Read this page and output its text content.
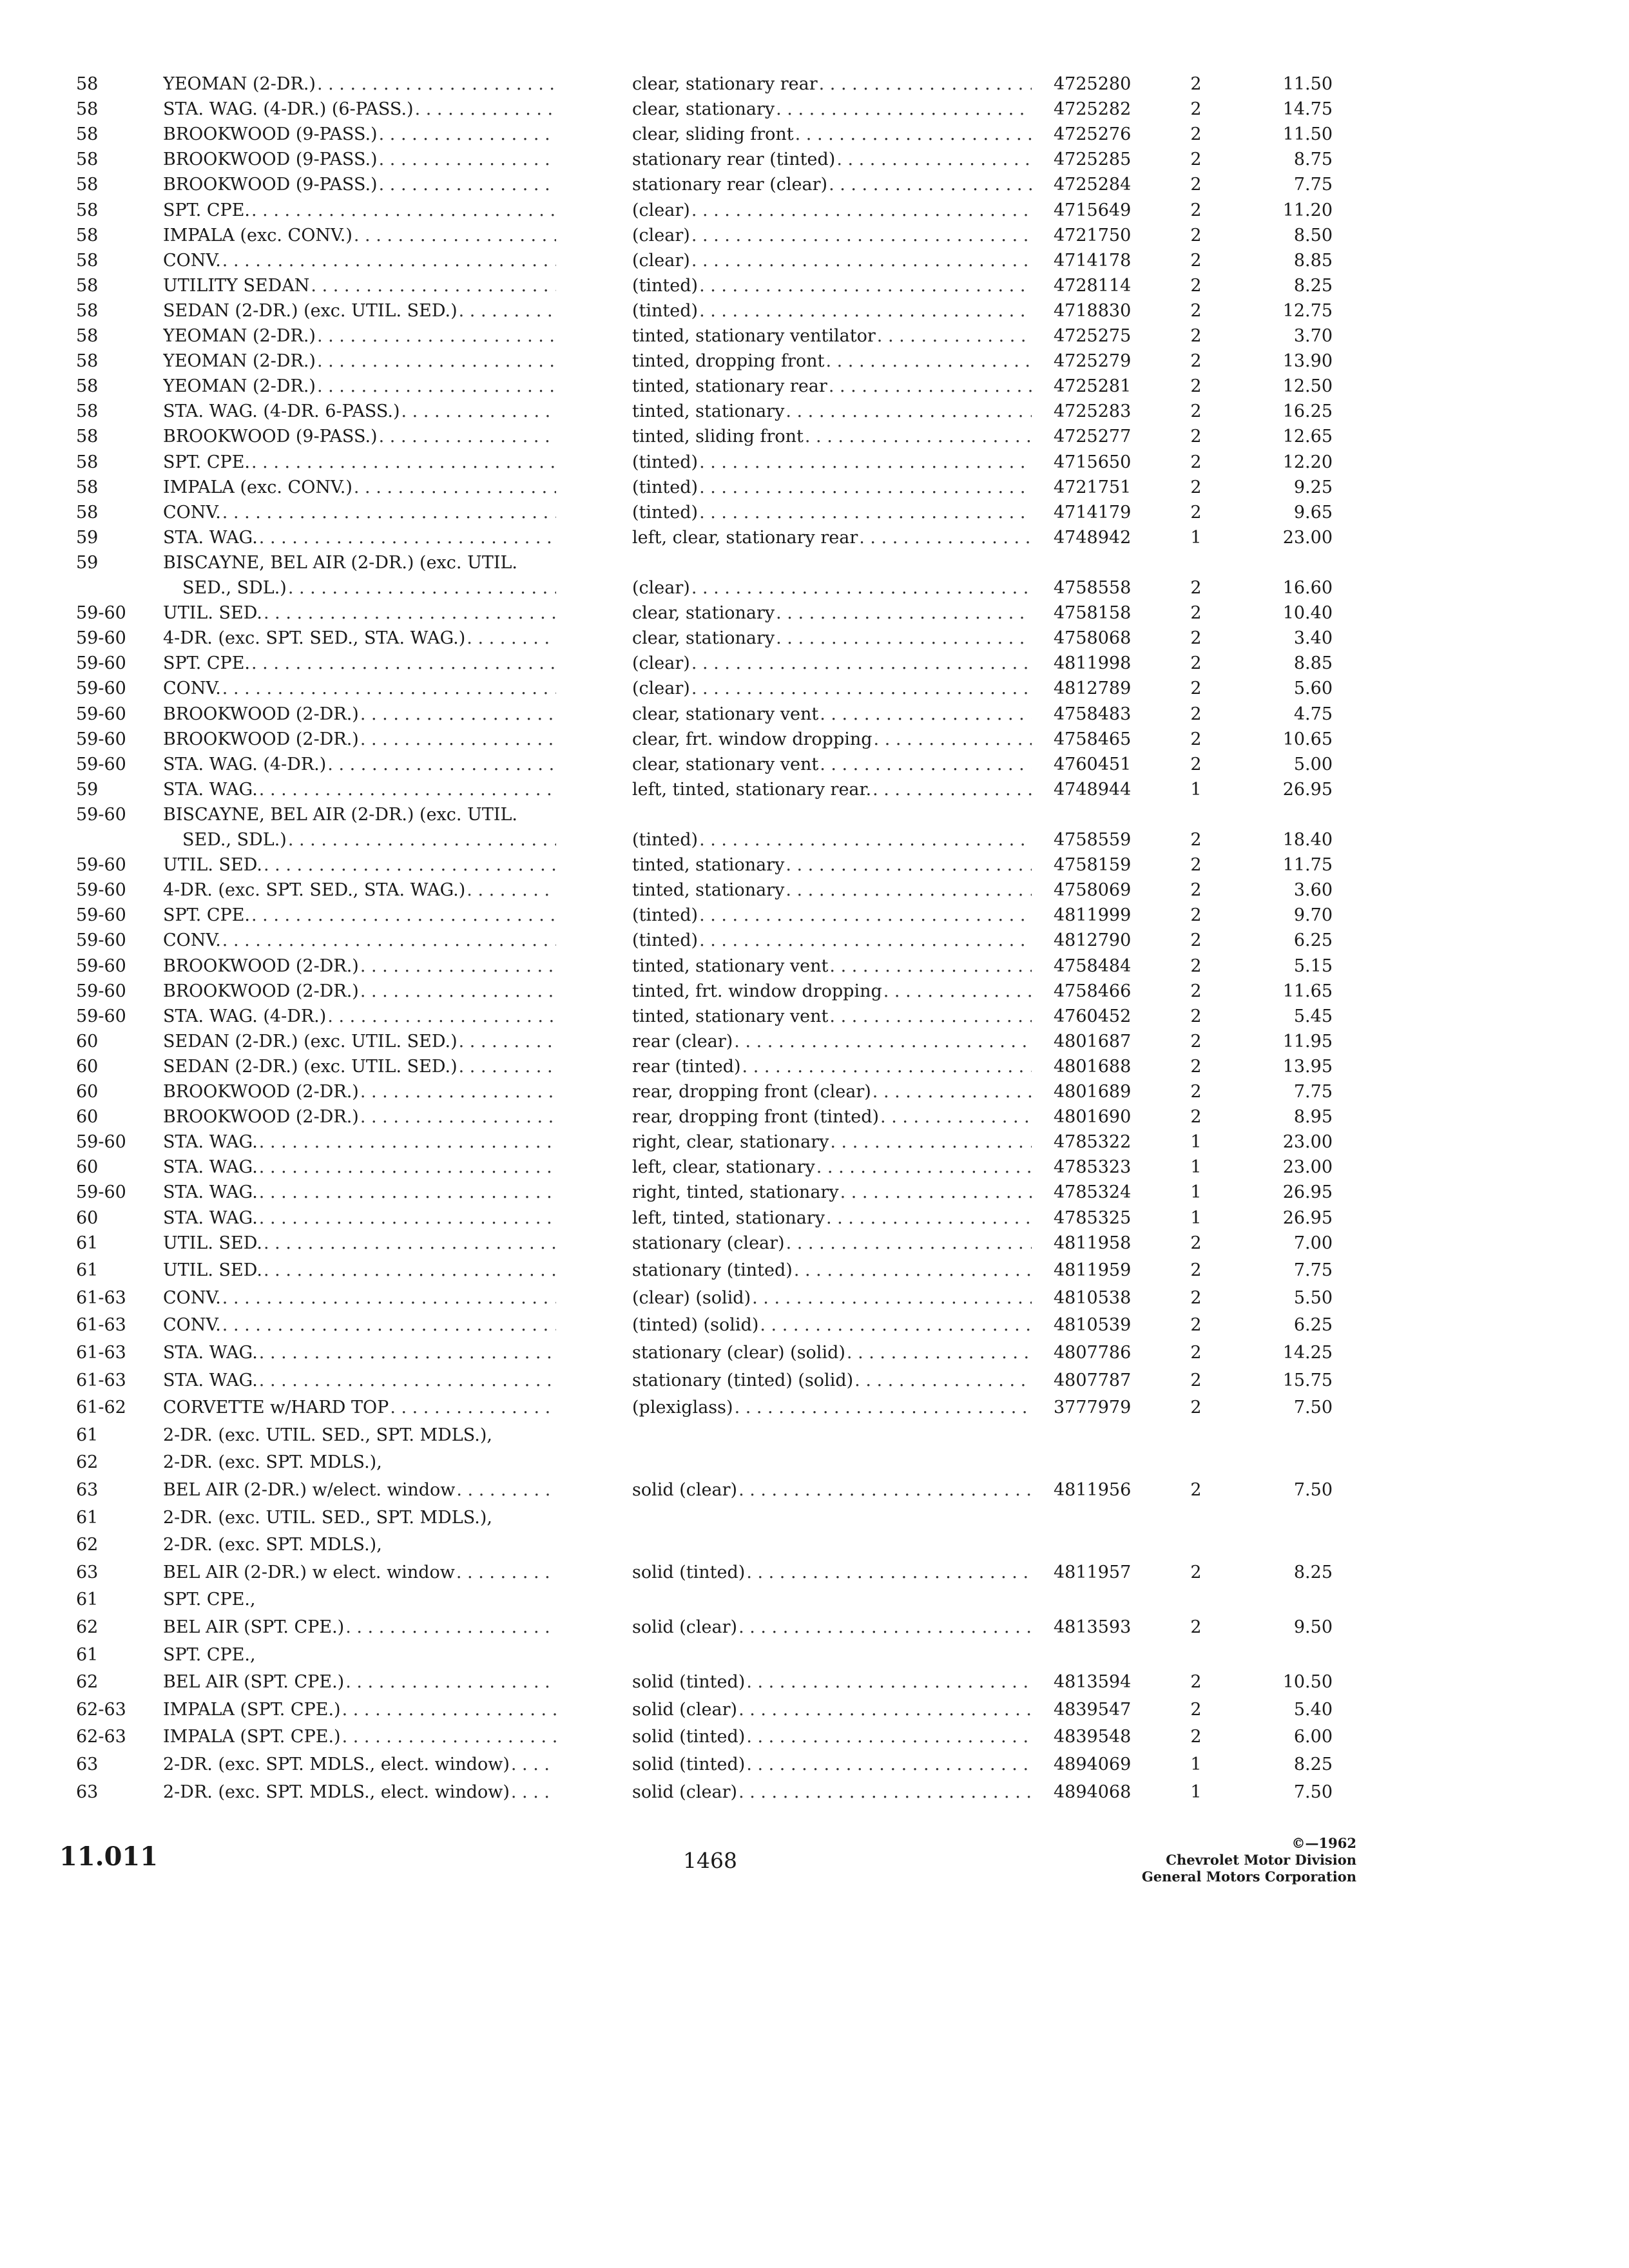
58	YEOMAN (2-DR.) . . .	clear, stationary rear . . .	4725280	2	11.50
58	STA. WAG. (4-DR.) (6-PASS.) . . .	clear, stationary . . .	4725282	2	14.75
58	BROOKWOOD (9-PASS.) . . .	clear, sliding front . . .	4725276	2	11.50
58	BROOKWOOD (9-PASS.) . . .	stationary rear (tinted) . . .	4725285	2	8.75
58	BROOKWOOD (9-PASS.) . . .	stationary rear (clear) . . .	4725284	2	7.75
58	SPT. CPE. . . .	(clear) . . .	4715649	2	11.20
58	IMPALA (exc. CONV.) . . .	(clear) . . .	4721750	2	8.50
58	CONV. . . .	(clear) . . .	4714178	2	8.85
58	UTILITY SEDAN . . .	(tinted) . . .	4728114	2	8.25
58	SEDAN (2-DR.) (exc. UTIL. SED.) . . .	(tinted) . . .	4718830	2	12.75
58	YEOMAN (2-DR.) . . .	tinted, stationary ventilator . . .	4725275	2	3.70
58	YEOMAN (2-DR.) . . .	tinted, dropping front . . .	4725279	2	13.90
58	YEOMAN (2-DR.) . . .	tinted, stationary rear . . .	4725281	2	12.50
58	STA. WAG. (4-DR. 6-PASS.) . . .	tinted, stationary . . .	4725283	2	16.25
58	BROOKWOOD (9-PASS.) . . .	tinted, sliding front . . .	4725277	2	12.65
58	SPT. CPE. . . .	(tinted) . . .	4715650	2	12.20
58	IMPALA (exc. CONV.) . . .	(tinted) . . .	4721751	2	9.25
58	CONV. . . .	(tinted) . . .	4714179	2	9.65
59	STA. WAG. . . .	left, clear, stationary rear . . .	4748942	1	23.00
59	BISCAYNE, BEL AIR (2-DR.) (exc. UTIL.
SED., SDL.) . . .	(clear) . . .	4758558	2	16.60
59-60	UTIL. SED. . . .	clear, stationary . . .	4758158	2	10.40
59-60	4-DR. (exc. SPT. SED., STA. WAG.) . . .	clear, stationary . . .	4758068	2	3.40
59-60	SPT. CPE. . . .	(clear) . . .	4811998	2	8.85
59-60	CONV. . . .	(clear) . . .	4812789	2	5.60
59-60	BROOKWOOD (2-DR.) . . .	clear, stationary vent . . .	4758483	2	4.75
59-60	BROOKWOOD (2-DR.) . . .	clear, frt. window dropping . . .	4758465	2	10.65
59-60	STA. WAG. (4-DR.) . . .	clear, stationary vent . . .	4760451	2	5.00
59	STA. WAG. . . .	left, tinted, stationary rear. . . .	4748944	1	26.95
59-60	BISCAYNE, BEL AIR (2-DR.) (exc. UTIL.
SED., SDL.) . . .	(tinted) . . .	4758559	2	18.40
59-60	UTIL. SED. . . .	tinted, stationary . . .	4758159	2	11.75
59-60	4-DR. (exc. SPT. SED., STA. WAG.) . . .	tinted, stationary . . .	4758069	2	3.60
59-60	SPT. CPE. . . .	(tinted) . . .	4811999	2	9.70
59-60	CONV. . . .	(tinted) . . .	4812790	2	6.25
59-60	BROOKWOOD (2-DR.) . . .	tinted, stationary vent . . .	4758484	2	5.15
59-60	BROOKWOOD (2-DR.) . . .	tinted, frt. window dropping . . .	4758466	2	11.65
59-60	STA. WAG. (4-DR.) . . .	tinted, stationary vent . . .	4760452	2	5.45
60	SEDAN (2-DR.) (exc. UTIL. SED.) . . .	rear (clear) . . .	4801687	2	11.95
60	SEDAN (2-DR.) (exc. UTIL. SED.) . . .	rear (tinted) . . .	4801688	2	13.95
60	BROOKWOOD (2-DR.) . . .	rear, dropping front (clear) . . .	4801689	2	7.75
60	BROOKWOOD (2-DR.) . . .	rear, dropping front (tinted) . . .	4801690	2	8.95
59-60	STA. WAG. . . .	right, clear, stationary . . .	4785322	1	23.00
60	STA. WAG. . . .	left, clear, stationary . . .	4785323	1	23.00
59-60	STA. WAG. . . .	right, tinted, stationary . . .	4785324	1	26.95
60	STA. WAG. . . .	left, tinted, stationary . . .	4785325	1	26.95
61	UTIL. SED. . . .	stationary (clear) . . .	4811958	2	7.00
61	UTIL. SED. . . .	stationary (tinted) . . .	4811959	2	7.75
61-63	CONV. . . .	(clear) (solid) . . .	4810538	2	5.50
61-63	CONV. . . .	(tinted) (solid) . . .	4810539	2	6.25
61-63	STA. WAG. . . .	stationary (clear) (solid) . . .	4807786	2	14.25
61-63	STA. WAG. . . .	stationary (tinted) (solid) . . .	4807787	2	15.75
61-62	CORVETTE w/HARD TOP . . .	(plexiglass) . . .	3777979	2	7.50
61	2-DR. (exc. UTIL. SED., SPT. MDLS.),
62	2-DR. (exc. SPT. MDLS.),
63	BEL AIR (2-DR.) w/elect. window . . .	solid (clear) . . .	4811956	2	7.50
61	2-DR. (exc. UTIL. SED., SPT. MDLS.),
62	2-DR. (exc. SPT. MDLS.),
63	BEL AIR (2-DR.) w elect. window . . .	solid (tinted) . . .	4811957	2	8.25
61	SPT. CPE.,
62	BEL AIR (SPT. CPE.) . . .	solid (clear) . . .	4813593	2	9.50
61	SPT. CPE.,
62	BEL AIR (SPT. CPE.) . . .	solid (tinted) . . .	4813594	2	10.50
62-63	IMPALA (SPT. CPE.) . . .	solid (clear) . . .	4839547	2	5.40
62-63	IMPALA (SPT. CPE.) . . .	solid (tinted) . . .	4839548	2	6.00
63	2-DR. (exc. SPT. MDLS., elect. window) . . .	solid (tinted) . . .	4894069	1	8.25
63	2-DR. (exc. SPT. MDLS., elect. window) . . .	solid (clear) . . .	4894068	1	7.50
11.011	1468
©—1962
Chevrolet Motor Division
General Motors Corporation
